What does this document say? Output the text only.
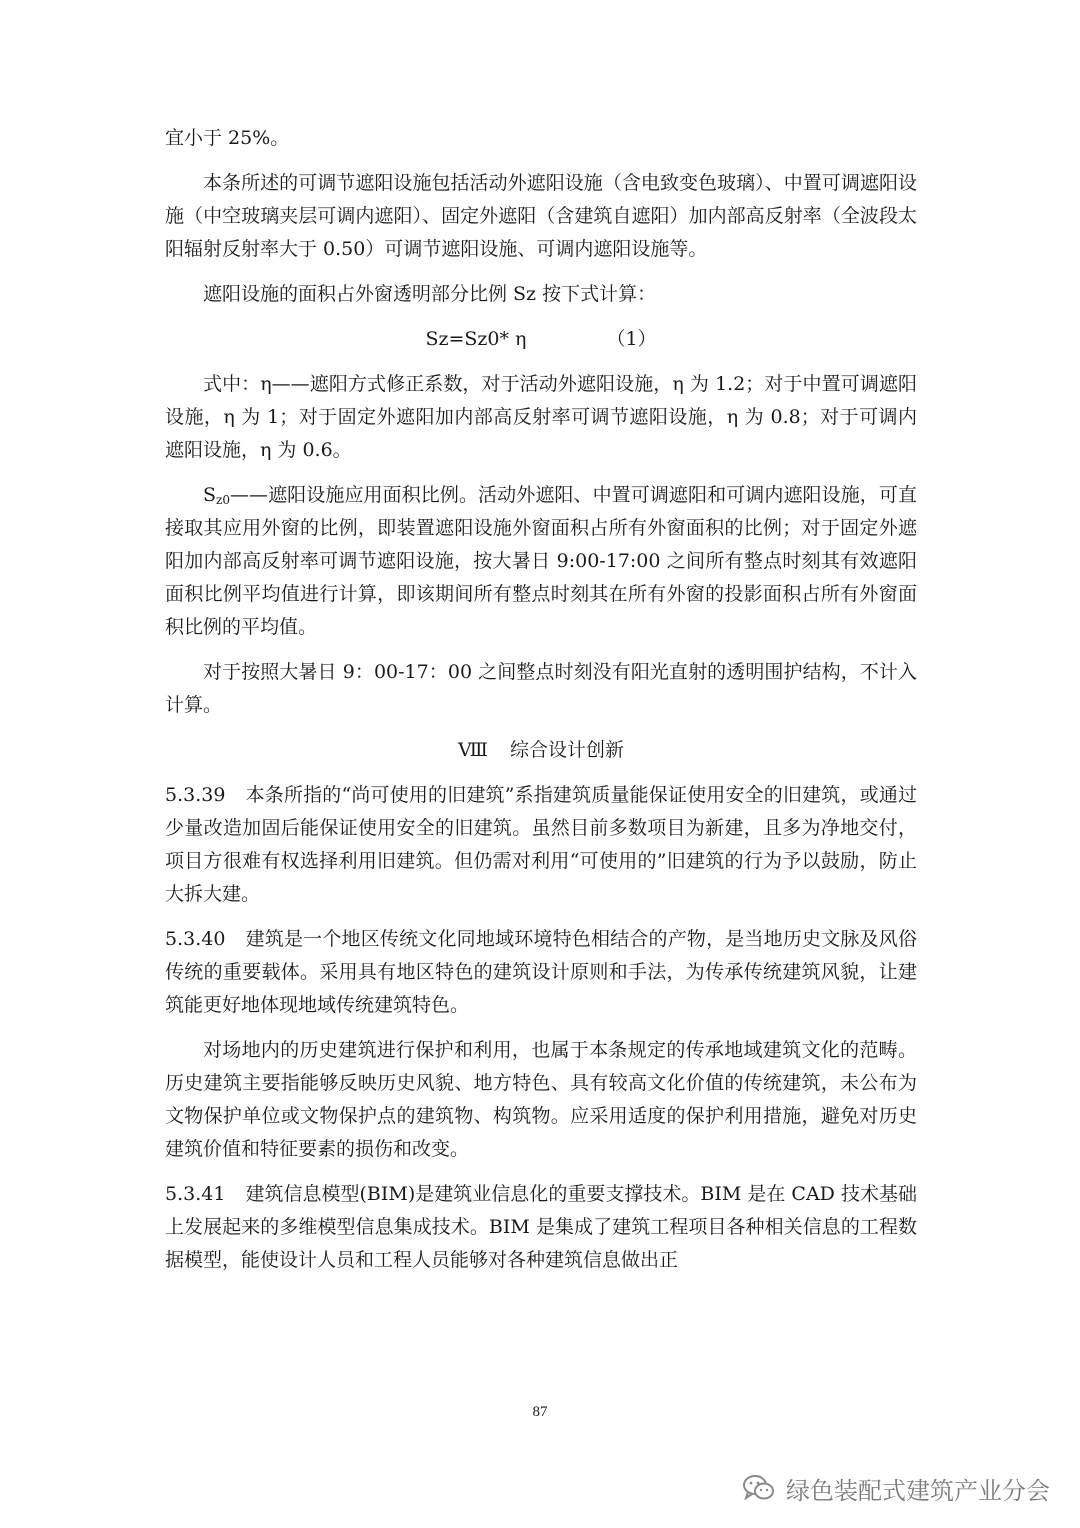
宜小于 25%。

本条所述的可调节遮阳设施包括活动外遮阳设施（含电致变色玻璃）、中置可调遮阳设施（中空玻璃夹层可调内遮阳）、固定外遮阳（含建筑自遮阳）加内部高反射率（全波段太阳辐射反射率大于 0.50）可调节遮阳设施、可调内遮阳设施等。

遮阳设施的面积占外窗透明部分比例 Sz 按下式计算：

Sz=Sz0* η	（1）

式中：η——遮阳方式修正系数，对于活动外遮阳设施，η 为 1.2；对于中置可调遮阳设施，η 为 1；对于固定外遮阳加内部高反射率可调节遮阳设施，η 为 0.8；对于可调内遮阳设施，η 为 0.6。

$S_{z0}——$遮阳设施应用面积比例。活动外遮阳、中置可调遮阳和可调内遮阳设施，可直接取其应用外窗的比例，即装置遮阳设施外窗面积占所有外窗面积的比例；对于固定外遮阳加内部高反射率可调节遮阳设施，按大暑日 9:00-17:00 之间所有整点时刻其有效遮阳面积比例平均值进行计算，即该期间所有整点时刻其在所有外窗的投影面积占所有外窗面积比例的平均值。

对于按照大暑日 9：00-17：00 之间整点时刻没有阳光直射的透明围护结构，不计入计算。

Ⅷ 综合设计创新

5.3.39 本条所指的“尚可使用的旧建筑”系指建筑质量能保证使用安全的旧建筑，或通过少量改造加固后能保证使用安全的旧建筑。虽然目前多数项目为新建，且多为净地交付，项目方很难有权选择利用旧建筑。但仍需对利用“可使用的”旧建筑的行为予以鼓励，防止大拆大建。

5.3.40 建筑是一个地区传统文化同地域环境特色相结合的产物，是当地历史文脉及风俗传统的重要载体。采用具有地区特色的建筑设计原则和手法，为传承传统建筑风貌，让建筑能更好地体现地域传统建筑特色。

对场地内的历史建筑进行保护和利用，也属于本条规定的传承地域建筑文化的范畴。历史建筑主要指能够反映历史风貌、地方特色、具有较高文化价值的传统建筑，未公布为文物保护单位或文物保护点的建筑物、构筑物。应采用适度的保护利用措施，避免对历史建筑价值和特征要素的损伤和改变。

5.3.41 建筑信息模型(BIM)是建筑业信息化的重要支撑技术。BIM 是在 CAD 技术基础上发展起来的多维模型信息集成技术。BIM 是集成了建筑工程项目各种相关信息的工程数据模型，能使设计人员和工程人员能够对各种建筑信息做出正

87
绿色装配式建筑产业分会
